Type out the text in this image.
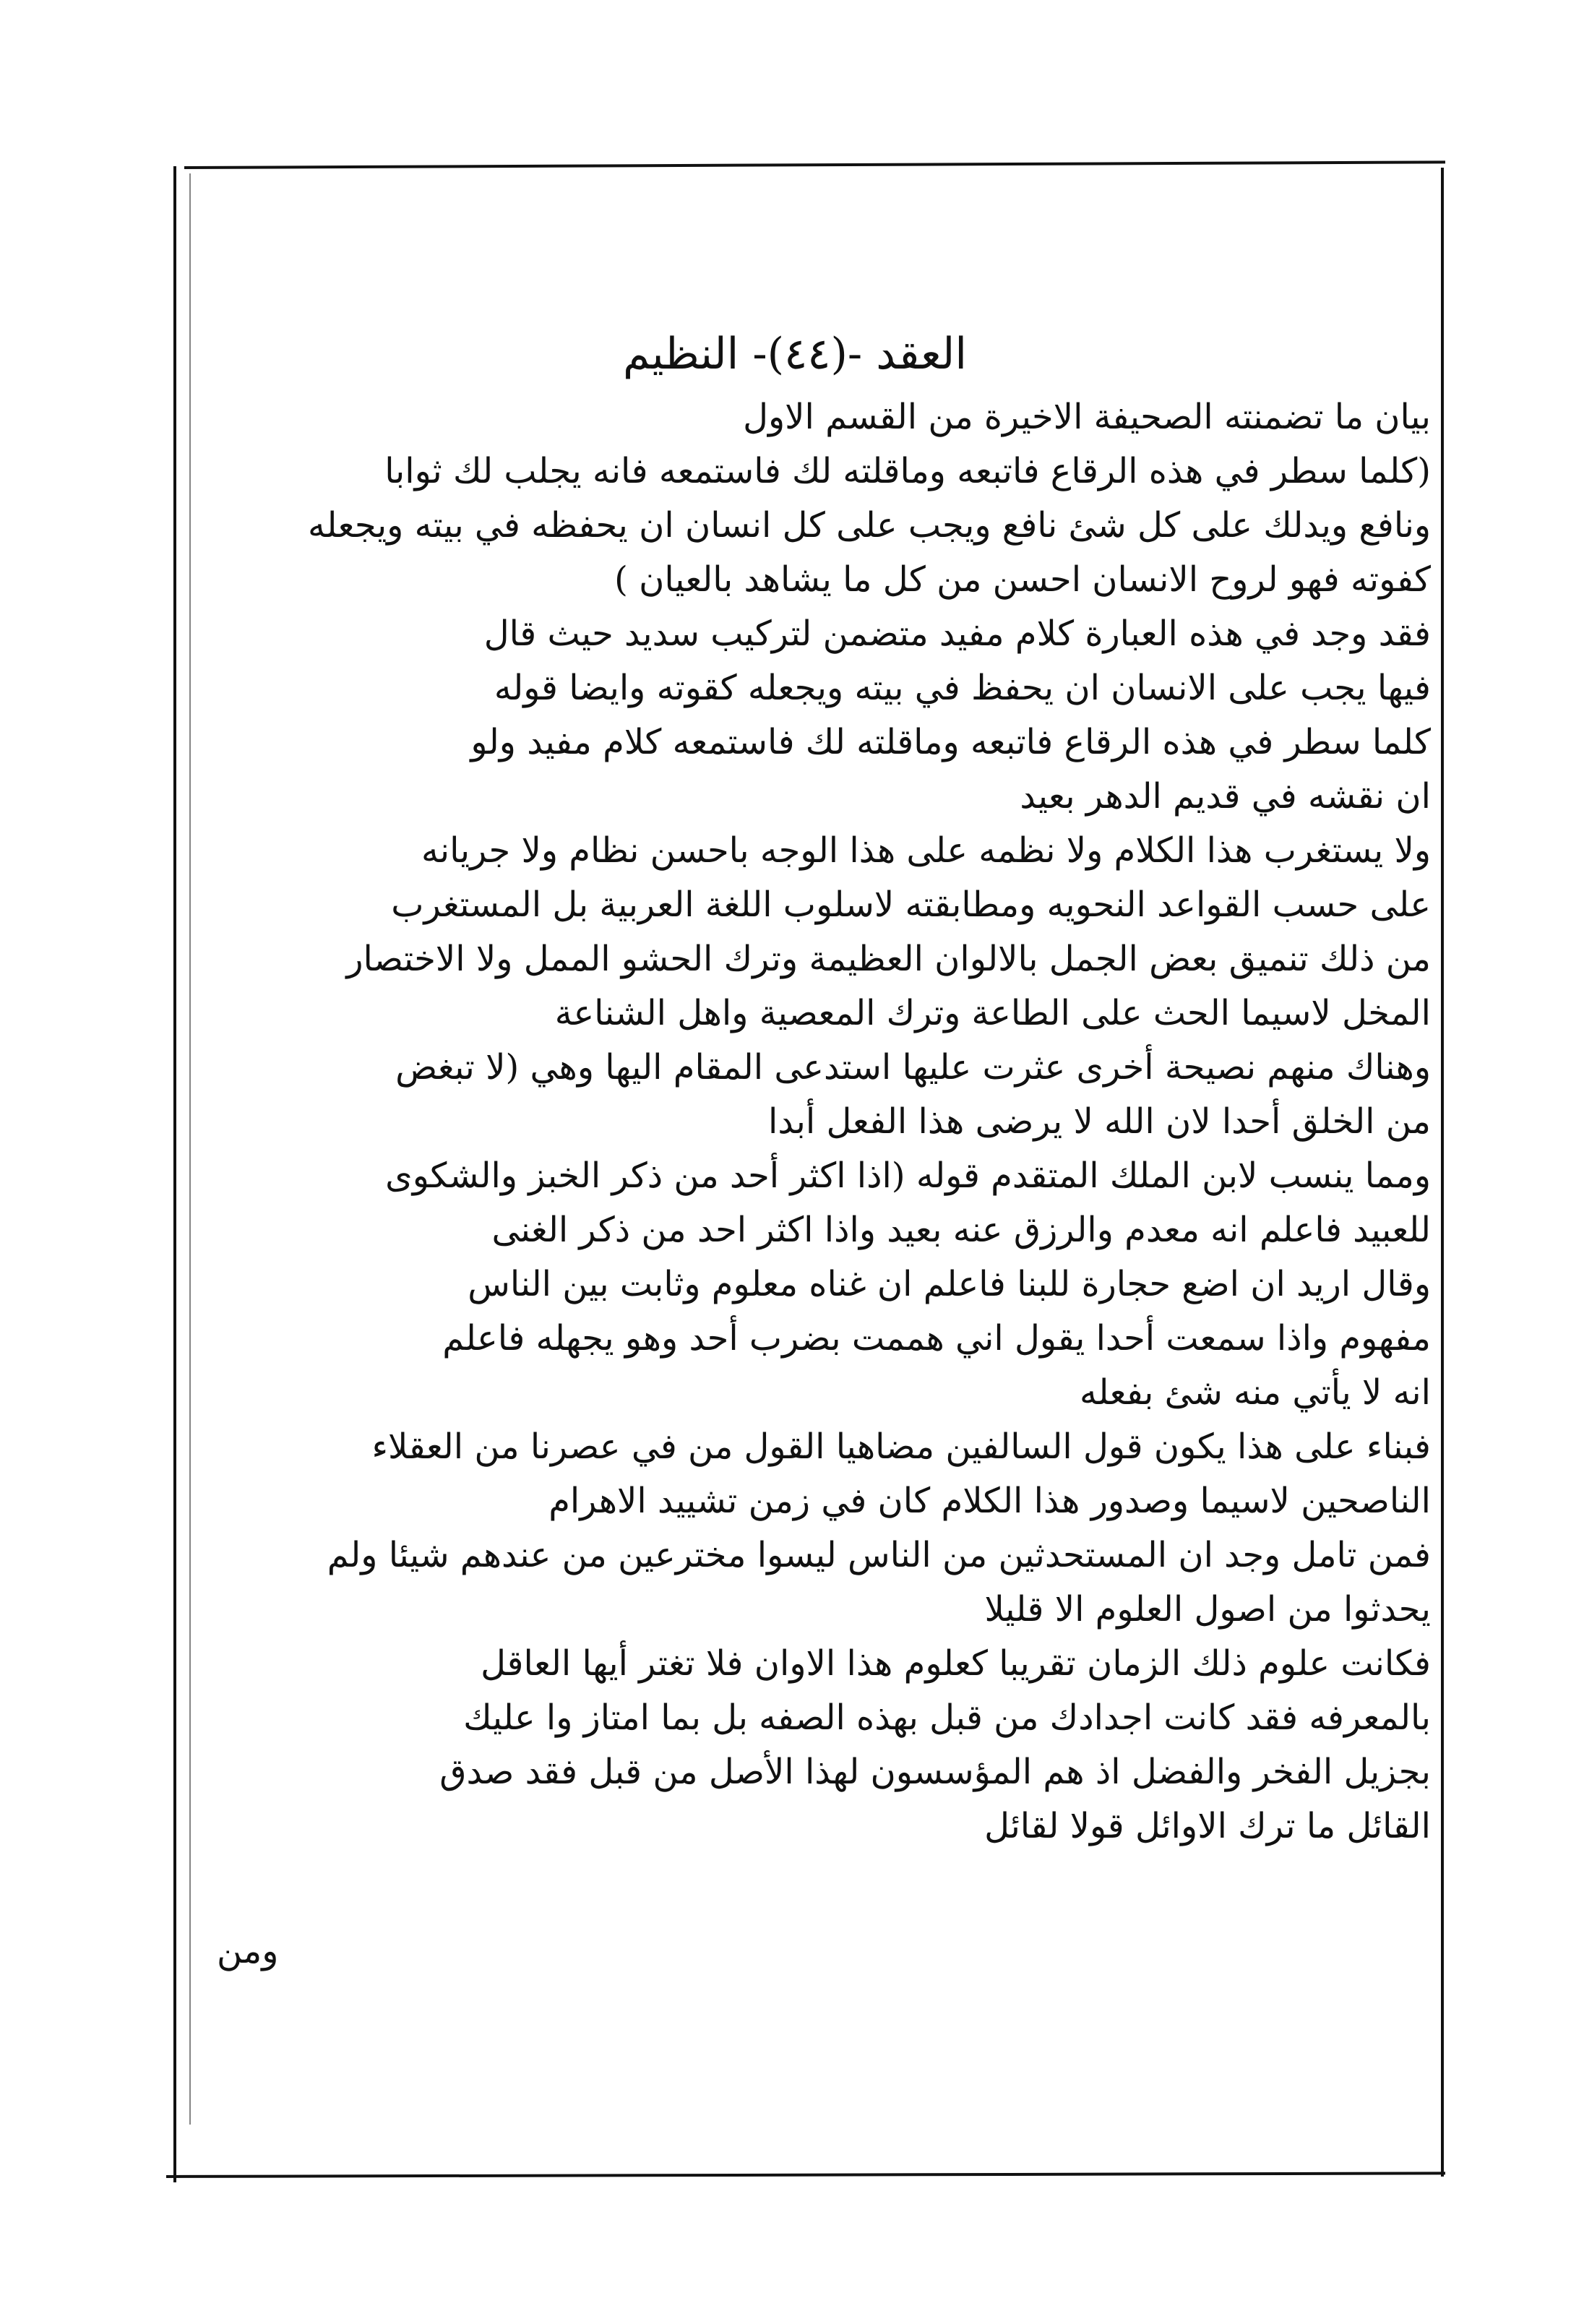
العقد -(٤٤)- النظيم
بيان ما تضمنته الصحيفة الاخيرة من القسم الاول
(كلما سطر في هذه الرقاع فاتبعه وماقلته لك فاستمعه فانه يجلب لك ثوابا
ونافع ويدلك على كل شئ نافع ويجب على كل انسان ان يحفظه في بيته ويجعله
كفوته فهو لروح الانسان احسن من كل ما يشاهد بالعيان )
فقد وجد في هذه العبارة كلام مفيد متضمن لتركيب سديد حيث قال
فيها يجب على الانسان ان يحفظ في بيته ويجعله كقوته وايضا قوله
كلما سطر في هذه الرقاع فاتبعه وماقلته لك فاستمعه كلام مفيد ولو
ان نقشه في قديم الدهر بعيد
ولا يستغرب هذا الكلام ولا نظمه على هذا الوجه باحسن نظام ولا جريانه
على حسب القواعد النحويه ومطابقته لاسلوب اللغة العربية بل المستغرب
من ذلك تنميق بعض الجمل بالالوان العظيمة وترك الحشو الممل ولا الاختصار
المخل لاسيما الحث على الطاعة وترك المعصية واهل الشناعة
وهناك منهم نصيحة أخرى عثرت عليها استدعى المقام اليها وهي (لا تبغض
من الخلق أحدا لان الله لا يرضى هذا الفعل أبدا
ومما ينسب لابن الملك المتقدم قوله (اذا اكثر أحد من ذكر الخبز والشكوى
للعبيد فاعلم انه معدم والرزق عنه بعيد واذا اكثر احد من ذكر الغنى
وقال اريد ان اضع حجارة للبنا فاعلم ان غناه معلوم وثابت بين الناس
مفهوم واذا سمعت أحدا يقول اني هممت بضرب أحد وهو يجهله فاعلم
انه لا يأتي منه شئ بفعله
فبناء على هذا يكون قول السالفين مضاهيا القول من في عصرنا من العقلاء
الناصحين لاسيما وصدور هذا الكلام كان في زمن تشييد الاهرام
فمن تامل وجد ان المستحدثين من الناس ليسوا مخترعين من عندهم شيئا ولم
يحدثوا من اصول العلوم الا قليلا
فكانت علوم ذلك الزمان تقريبا كعلوم هذا الاوان فلا تغتر أيها العاقل
بالمعرفه فقد كانت اجدادك من قبل بهذه الصفه بل بما امتاز وا عليك
بجزيل الفخر والفضل اذ هم المؤسسون لهذا الأصل من قبل فقد صدق
القائل ما ترك الاوائل قولا لقائل
ومن
